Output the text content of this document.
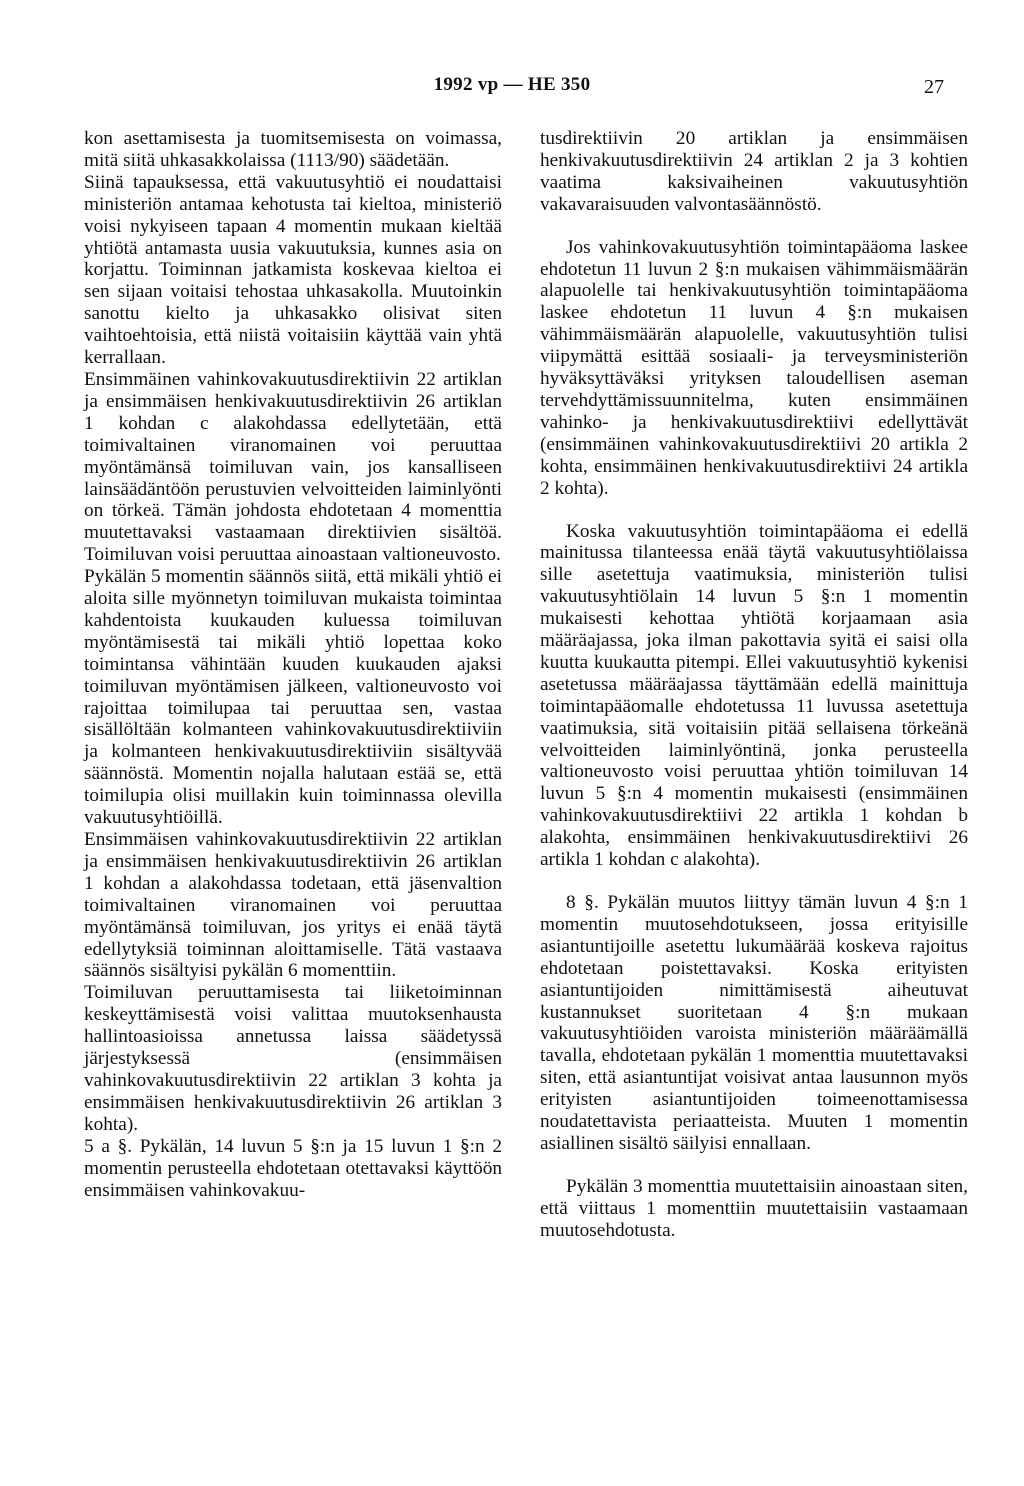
1992 vp — HE 350	27

kon asettamisesta ja tuomitsemisesta on voimassa, mitä siitä uhkasakkolaissa (1113/90) säädetään.

Siinä tapauksessa, että vakuutusyhtiö ei noudattaisi ministeriön antamaa kehotusta tai kieltoa, ministeriö voisi nykyiseen tapaan 4 momentin mukaan kieltää yhtiötä antamasta uusia vakuutuksia, kunnes asia on korjattu. Toiminnan jatkamista koskevaa kieltoa ei sen sijaan voitaisi tehostaa uhkasakolla. Muutoinkin sanottu kielto ja uhkasakko olisivat siten vaihtoehtoisia, että niistä voitaisiin käyttää vain yhtä kerrallaan.

Ensimmäinen vahinkovakuutusdirektiivin 22 artiklan ja ensimmäisen henkivakuutusdirektiivin 26 artiklan 1 kohdan c alakohdassa edellytetään, että toimivaltainen viranomainen voi peruuttaa myöntämänsä toimiluvan vain, jos kansalliseen lainsäädäntöön perustuvien velvoitteiden laiminlyönti on törkeä. Tämän johdosta ehdotetaan 4 momenttia muutettavaksi vastaamaan direktiivien sisältöä. Toimiluvan voisi peruuttaa ainoastaan valtioneuvosto.

Pykälän 5 momentin säännös siitä, että mikäli yhtiö ei aloita sille myönnetyn toimiluvan mukaista toimintaa kahdentoista kuukauden kuluessa toimiluvan myöntämisestä tai mikäli yhtiö lopettaa koko toimintansa vähintään kuuden kuukauden ajaksi toimiluvan myöntämisen jälkeen, valtioneuvosto voi rajoittaa toimilupaa tai peruuttaa sen, vastaa sisällöltään kolmanteen vahinkovakuutusdirektiiviin ja kolmanteen henkivakuutusdirektiiviin sisältyvää säännöstä. Momentin nojalla halutaan estää se, että toimilupia olisi muillakin kuin toiminnassa olevilla vakuutusyhtiöillä.

Ensimmäisen vahinkovakuutusdirektiivin 22 artiklan ja ensimmäisen henkivakuutusdirektiivin 26 artiklan 1 kohdan a alakohdassa todetaan, että jäsenvaltion toimivaltainen viranomainen voi peruuttaa myöntämänsä toimiluvan, jos yritys ei enää täytä edellytyksiä toiminnan aloittamiselle. Tätä vastaava säännös sisältyisi pykälän 6 momenttiin.

Toimiluvan peruuttamisesta tai liiketoiminnan keskeyttämisestä voisi valittaa muutoksenhausta hallintoasioissa annetussa laissa säädetyssä järjestyksessä (ensimmäisen vahinkovakuutusdirektiivin 22 artiklan 3 kohta ja ensimmäisen henkivakuutusdirektiivin 26 artiklan 3 kohta).

5 a §. Pykälän, 14 luvun 5 §:n ja 15 luvun 1 §:n 2 momentin perusteella ehdotetaan otettavaksi käyttöön ensimmäisen vahinkovakuu-

tusdirektiivin 20 artiklan ja ensimmäisen henkivakuutusdirektiivin 24 artiklan 2 ja 3 kohtien vaatima kaksivaiheinen vakuutusyhtiön vakavaraisuuden valvontasäännöstö.

Jos vahinkovakuutusyhtiön toimintapääoma laskee ehdotetun 11 luvun 2 §:n mukaisen vähimmäismäärän alapuolelle tai henkivakuutusyhtiön toimintapääoma laskee ehdotetun 11 luvun 4 §:n mukaisen vähimmäismäärän alapuolelle, vakuutusyhtiön tulisi viipymättä esittää sosiaali- ja terveysministeriön hyväksyttäväksi yrityksen taloudellisen aseman tervehdyttämissuunnitelma, kuten ensimmäinen vahinko- ja henkivakuutusdirektiivi edellyttävät (ensimmäinen vahinkovakuutusdirektiivi 20 artikla 2 kohta, ensimmäinen henkivakuutusdirektiivi 24 artikla 2 kohta).

Koska vakuutusyhtiön toimintapääoma ei edellä mainitussa tilanteessa enää täytä vakuutusyhtiölaissa sille asetettuja vaatimuksia, ministeriön tulisi vakuutusyhtiölain 14 luvun 5 §:n 1 momentin mukaisesti kehottaa yhtiötä korjaamaan asia määräajassa, joka ilman pakottavia syitä ei saisi olla kuutta kuukautta pitempi. Ellei vakuutusyhtiö kykenisi asetetussa määräajassa täyttämään edellä mainittuja toimintapääomalle ehdotetussa 11 luvussa asetettuja vaatimuksia, sitä voitaisiin pitää sellaisena törkeänä velvoitteiden laiminlyöntinä, jonka perusteella valtioneuvosto voisi peruuttaa yhtiön toimiluvan 14 luvun 5 §:n 4 momentin mukaisesti (ensimmäinen vahinkovakuutusdirektiivi 22 artikla 1 kohdan b alakohta, ensimmäinen henkivakuutusdirektiivi 26 artikla 1 kohdan c alakohta).

8 §. Pykälän muutos liittyy tämän luvun 4 §:n 1 momentin muutosehdotukseen, jossa erityisille asiantuntijoille asetettu lukumäärää koskeva rajoitus ehdotetaan poistettavaksi. Koska erityisten asiantuntijoiden nimittämisestä aiheutuvat kustannukset suoritetaan 4 §:n mukaan vakuutusyhtiöiden varoista ministeriön määräämällä tavalla, ehdotetaan pykälän 1 momenttia muutettavaksi siten, että asiantuntijat voisivat antaa lausunnon myös erityisten asiantuntijoiden toimeenottamisessa noudatettavista periaatteista. Muuten 1 momentin asiallinen sisältö säilyisi ennallaan.

Pykälän 3 momenttia muutettaisiin ainoastaan siten, että viittaus 1 momenttiin muutettaisiin vastaamaan muutosehdotusta.
